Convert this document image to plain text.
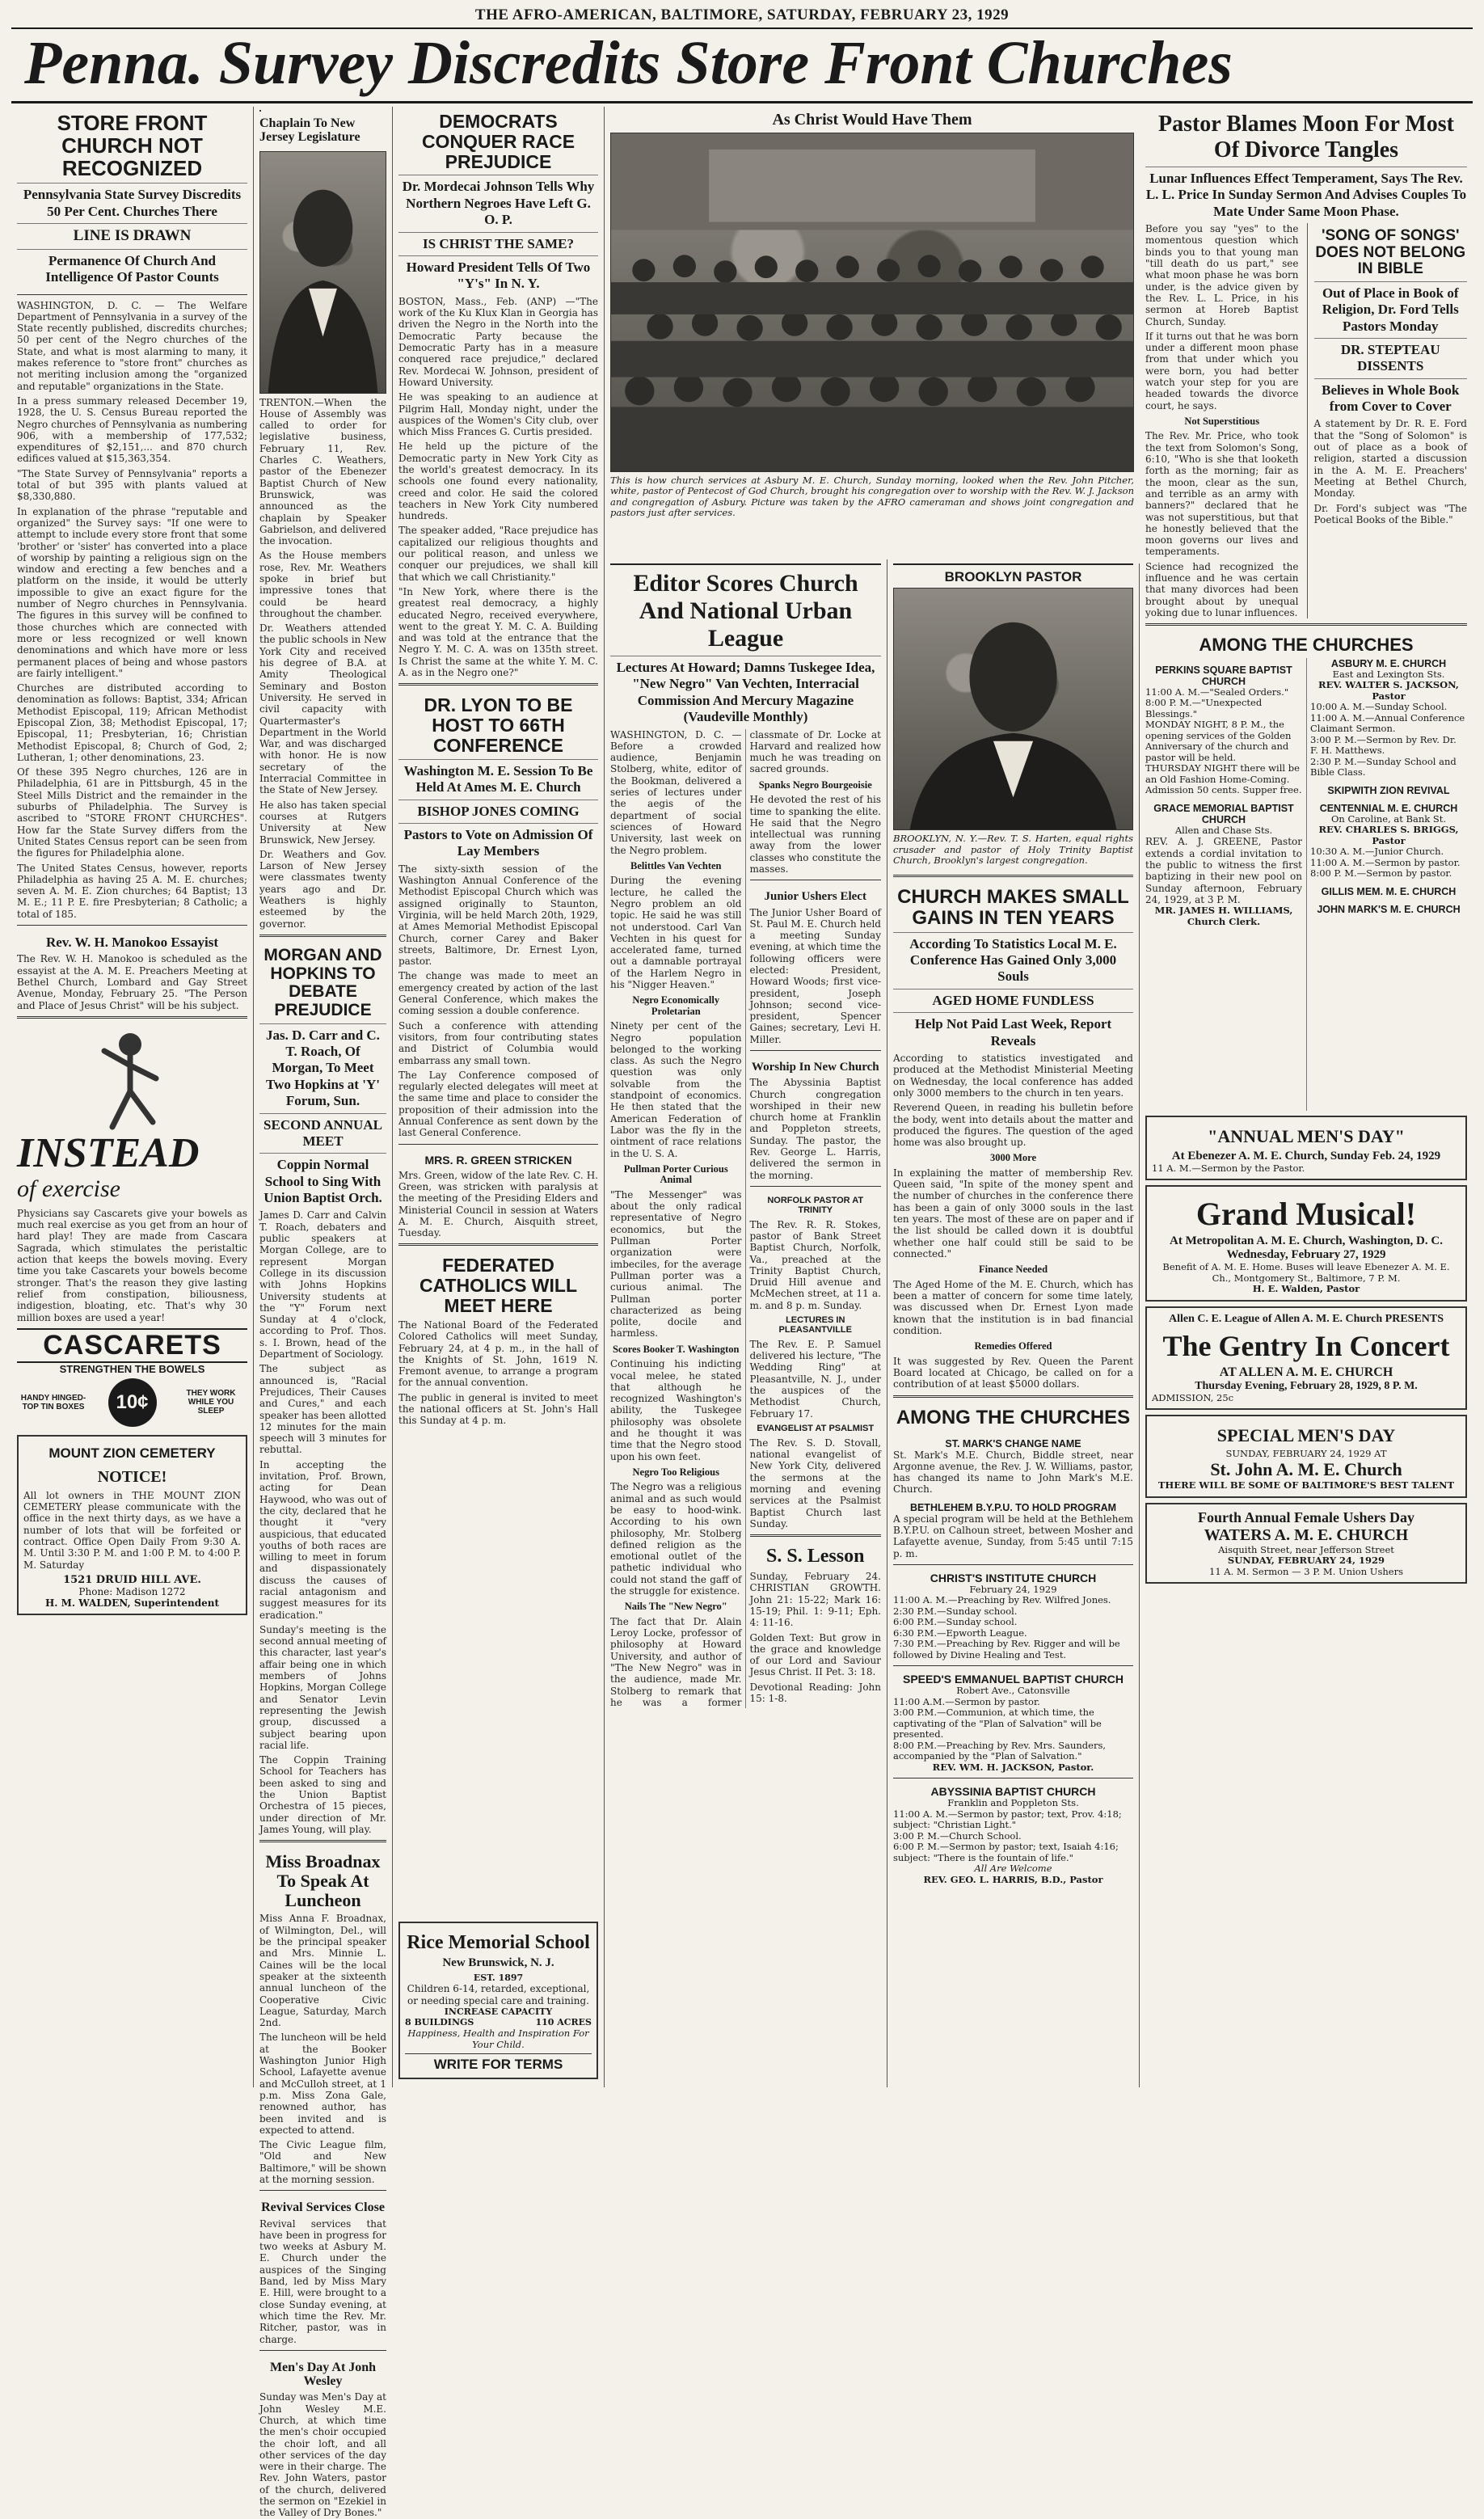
THE AFRO-AMERICAN, BALTIMORE, SATURDAY, FEBRUARY 23, 1929
Penna. Survey Discredits Store Front Churches
STORE FRONT CHURCH NOT RECOGNIZED
Pennsylvania State Survey Discredits 50 Per Cent. Churches There
LINE IS DRAWN
Permanence Of Church And Intelligence Of Pastor Counts

WASHINGTON, D. C. — The Welfare Department of Pennsylvania in a survey of the State recently published, discredits churches; 50 per cent of the Negro churches of the State, and what is most alarming to many, it makes reference to "store front" churches as not meriting inclusion among the "organized and reputable" organizations in the State.

In a press summary released December 19, 1928, the U. S. Census Bureau reported the Negro churches of Pennsylvania as numbering 906, with a membership of 177,532; expenditures of $2,151,... and 870 church edifices valued at $15,363,354.

"The State Survey of Pennsylvania" reports a total of but 395 with plants valued at $8,330,880.

In explanation of the phrase "reputable and organized" the Survey says: "If one were to attempt to include every store front that some 'brother' or 'sister' has converted into a place of worship by painting a religious sign on the window and erecting a few benches and a platform on the inside, it would be utterly impossible to give an exact figure for the number of Negro churches in Pennsylvania. The figures in this survey will be confined to those churches which are connected with more or less recognized or well known denominations and which have more or less permanent places of being and whose pastors are fairly intelligent."

Churches are distributed according to denomination as follows: Baptist, 334; African Methodist Episcopal, 119; African Methodist Episcopal Zion, 38; Methodist Episcopal, 17; Episcopal, 11; Presbyterian, 16; Christian Methodist Episcopal, 8; Church of God, 2; Lutheran, 1; other denominations, 23.

Of these 395 Negro churches, 126 are in Philadelphia, 61 are in Pittsburgh, 45 in the Steel Mills District and the remainder in the suburbs of Philadelphia. The Survey is ascribed to "STORE FRONT CHURCHES". How far the State Survey differs from the United States Census report can be seen from the figures for Philadelphia alone.

The United States Census, however, reports Philadelphia as having 25 A. M. E. churches; seven A. M. E. Zion churches; 64 Baptist; 13 M. E.; 11 P. E. fire Presbyterian; 8 Catholic; a total of 185.

Rev. W. H. Manokoo Essayist

The Rev. W. H. Manokoo is scheduled as the essayist at the A. M. E. Preachers Meeting at Bethel Church, Lombard and Gay Street Avenue, Monday, February 25. "The Person and Place of Jesus Christ" will be his subject.

INSTEAD
of exercise

Physicians say Cascarets give your bowels as much real exercise as you get from an hour of hard play! They are made from Cascara Sagrada, which stimulates the peristaltic action that keeps the bowels moving. Every time you take Cascarets your bowels become stronger. That's the reason they give lasting relief from constipation, biliousness, indigestion, bloating, etc. That's why 30 million boxes are used a year!

CASCARETS
STRENGTHEN THE BOWELS
HANDY HINGED-TOP TIN BOXES	10¢	THEY WORK WHILE YOU SLEEP
MOUNT ZION CEMETERY
NOTICE!

All lot owners in THE MOUNT ZION CEMETERY please communicate with the office in the next thirty days, as we have a number of lots that will be forfeited or contract. Office Open Daily From 9:30 A. M. Until 3:30 P. M. and 1:00 P. M. to 4:00 P. M. Saturday

1521 DRUID HILL AVE.
Phone: Madison 1272
H. M. WALDEN, Superintendent
Chaplain To New Jersey Legislature

TRENTON.—When the House of Assembly was called to order for legislative business, February 11, Rev. Charles C. Weathers, pastor of the Ebenezer Baptist Church of New Brunswick, was announced as the chaplain by Speaker Gabrielson, and delivered the invocation.

As the House members rose, Rev. Mr. Weathers spoke in brief but impressive tones that could be heard throughout the chamber.

Dr. Weathers attended the public schools in New York City and received his degree of B.A. at Amity Theological Seminary and Boston University. He served in civil capacity with Quartermaster's Department in the World War, and was discharged with honor. He is now secretary of the Interracial Committee in the State of New Jersey.

He also has taken special courses at Rutgers University at New Brunswick, New Jersey.

Dr. Weathers and Gov. Larson of New Jersey were classmates twenty years ago and Dr. Weathers is highly esteemed by the governor.

MORGAN AND HOPKINS TO DEBATE PREJUDICE
Jas. D. Carr and C. T. Roach, Of Morgan, To Meet Two Hopkins at 'Y' Forum, Sun.
SECOND ANNUAL MEET
Coppin Normal School to Sing With Union Baptist Orch.

James D. Carr and Calvin T. Roach, debaters and public speakers at Morgan College, are to represent Morgan College in its discussion with Johns Hopkins University students at the "Y" Forum next Sunday at 4 o'clock, according to Prof. Thos. s. I. Brown, head of the Department of Sociology.

The subject as announced is, "Racial Prejudices, Their Causes and Cures," and each speaker has been allotted 12 minutes for the main speech will 3 minutes for rebuttal.

In accepting the invitation, Prof. Brown, acting for Dean Haywood, who was out of the city, declared that he thought it "very auspicious, that educated youths of both races are willing to meet in forum and dispassionately discuss the causes of racial antagonism and suggest measures for its eradication."

Sunday's meeting is the second annual meeting of this character, last year's affair being one in which members of Johns Hopkins, Morgan College and Senator Levin representing the Jewish group, discussed a subject bearing upon racial life.

The Coppin Training School for Teachers has been asked to sing and the Union Baptist Orchestra of 15 pieces, under direction of Mr. James Young, will play.

Miss Broadnax To Speak At Luncheon

Miss Anna F. Broadnax, of Wilmington, Del., will be the principal speaker and Mrs. Minnie L. Caines will be the local speaker at the sixteenth annual luncheon of the Cooperative Civic League, Saturday, March 2nd.

The luncheon will be held at the Booker Washington Junior High School, Lafayette avenue and McCulloh street, at 1 p.m. Miss Zona Gale, renowned author, has been invited and is expected to attend.

The Civic League film, "Old and New Baltimore," will be shown at the morning session.

Revival Services Close

Revival services that have been in progress for two weeks at Asbury M. E. Church under the auspices of the Singing Band, led by Miss Mary E. Hill, were brought to a close Sunday evening, at which time the Rev. Mr. Ritcher, pastor, was in charge.

Men's Day At Jonh Wesley

Sunday was Men's Day at John Wesley M.E. Church, at which time the men's choir occupied the choir loft, and all other services of the day were in their charge. The Rev. John Waters, pastor of the church, delivered the sermon on "Ezekiel in the Valley of Dry Bones."

DEMOCRATS CONQUER RACE PREJUDICE
Dr. Mordecai Johnson Tells Why Northern Negroes Have Left G. O. P.
IS CHRIST THE SAME?
Howard President Tells Of Two "Y's" In N. Y.

BOSTON, Mass., Feb. (ANP) —"The work of the Ku Klux Klan in Georgia has driven the Negro in the North into the Democratic Party because the Democratic Party has in a measure conquered race prejudice," declared Rev. Mordecai W. Johnson, president of Howard University.

He was speaking to an audience at Pilgrim Hall, Monday night, under the auspices of the Women's City club, over which Miss Frances G. Curtis presided.

He held up the picture of the Democratic party in New York City as the world's greatest democracy. In its schools one found every nationality, creed and color. He said the colored teachers in New York City numbered hundreds.

The speaker added, "Race prejudice has capitalized our religious thoughts and our political reason, and unless we conquer our prejudices, we shall kill that which we call Christianity."

"In New York, where there is the greatest real democracy, a highly educated Negro, received everywhere, went to the great Y. M. C. A. Building and was told at the entrance that the Negro Y. M. C. A. was on 135th street. Is Christ the same at the white Y. M. C. A. as in the Negro one?"

DR. LYON TO BE HOST TO 66TH CONFERENCE
Washington M. E. Session To Be Held At Ames M. E. Church
BISHOP JONES COMING
Pastors to Vote on Admission Of Lay Members

The sixty-sixth session of the Washington Annual Conference of the Methodist Episcopal Church which was assigned originally to Staunton, Virginia, will be held March 20th, 1929, at Ames Memorial Methodist Episcopal Church, corner Carey and Baker streets, Baltimore, Dr. Ernest Lyon, pastor.

The change was made to meet an emergency created by action of the last General Conference, which makes the coming session a double conference.

Such a conference with attending visitors, from four contributing states and District of Columbia would embarrass any small town.

The Lay Conference composed of regularly elected delegates will meet at the same time and place to consider the proposition of their admission into the Annual Conference as sent down by the last General Conference.

MRS. R. GREEN STRICKEN

Mrs. Green, widow of the late Rev. C. H. Green, was stricken with paralysis at the meeting of the Presiding Elders and Ministerial Council in session at Waters A. M. E. Church, Aisquith street, Tuesday.

FEDERATED CATHOLICS WILL MEET HERE

The National Board of the Federated Colored Catholics will meet Sunday, February 24, at 4 p. m., in the hall of the Knights of St. John, 1619 N. Fremont avenue, to arrange a program for the annual convention.

The public in general is invited to meet the national officers at St. John's Hall this Sunday at 4 p. m.

Rice Memorial School
New Brunswick, N. J.
EST. 1897

Children 6-14, retarded, exceptional, or needing special care and training.

INCREASE CAPACITY
8 BUILDINGS	110 ACRES
Happiness, Health and Inspiration For Your Child.
WRITE FOR TERMS
As Christ Would Have Them

This is how church services at Asbury M. E. Church, Sunday morning, looked when the Rev. John Pitcher, white, pastor of Pentecost of God Church, brought his congregation over to worship with the Rev. W. J. Jackson and congregation of Asbury. Picture was taken by the AFRO cameraman and shows joint congregation and pastors just after services.

Editor Scores Church And National Urban League
Lectures At Howard; Damns Tuskegee Idea, "New Negro" Van Vechten, Interracial Commission And Mercury Magazine (Vaudeville Monthly)

WASHINGTON, D. C. — Before a crowded audience, Benjamin Stolberg, white, editor of the Bookman, delivered a series of lectures under the aegis of the department of social sciences of Howard University, last week on the Negro problem.

Belittles Van Vechten

During the evening lecture, he called the Negro problem an old topic. He said he was still not understood. Carl Van Vechten in his quest for accelerated fame, turned out a damnable portrayal of the Harlem Negro in his "Nigger Heaven."

Negro Economically Proletarian

Ninety per cent of the Negro population belonged to the working class. As such the Negro question was only solvable from the standpoint of economics. He then stated that the American Federation of Labor was the fly in the ointment of race relations in the U. S. A.

Pullman Porter Curious Animal

"The Messenger" was about the only radical representative of Negro economics, but the Pullman Porter organization were imbeciles, for the average Pullman porter was a curious animal. The Pullman porter characterized as being polite, docile and harmless.

Scores Booker T. Washington

Continuing his indicting vocal melee, he stated that although he recognized Washington's ability, the Tuskegee philosophy was obsolete and he thought it was time that the Negro stood upon his own feet.

Negro Too Religious

The Negro was a religious animal and as such would be easy to hood-wink. According to his own philosophy, Mr. Stolberg defined religion as the emotional outlet of the pathetic individual who could not stand the gaff of the struggle for existence.

Nails The "New Negro"

The fact that Dr. Alain Leroy Locke, professor of philosophy at Howard University, and author of "The New Negro" was in the audience, made Mr. Stolberg to remark that he was a former classmate of Dr. Locke at Harvard and realized how much he was treading on sacred grounds.

Spanks Negro Bourgeoisie

He devoted the rest of his time to spanking the elite. He said that the Negro intellectual was running away from the lower classes who constitute the masses.

Junior Ushers Elect

The Junior Usher Board of St. Paul M. E. Church held a meeting Sunday evening, at which time the following officers were elected: President, Howard Woods; first vice-president, Joseph Johnson; second vice-president, Spencer Gaines; secretary, Levi H. Miller.

Worship In New Church

The Abyssinia Baptist Church congregation worshiped in their new church home at Franklin and Poppleton streets, Sunday. The pastor, the Rev. George L. Harris, delivered the sermon in the morning.

NORFOLK PASTOR AT TRINITY

The Rev. R. R. Stokes, pastor of Bank Street Baptist Church, Norfolk, Va., preached at the Trinity Baptist Church, Druid Hill avenue and McMechen street, at 11 a. m. and 8 p. m. Sunday.

LECTURES IN PLEASANTVILLE

The Rev. E. P. Samuel delivered his lecture, "The Wedding Ring" at Pleasantville, N. J., under the auspices of the Methodist Church, February 17.

EVANGELIST AT PSALMIST

The Rev. S. D. Stovall, national evangelist of New York City, delivered the sermons at the morning and evening services at the Psalmist Baptist Church last Sunday.

S. S. Lesson

Sunday, February 24. CHRISTIAN GROWTH. John 21: 15-22; Mark 16: 15-19; Phil. 1: 9-11; Eph. 4: 11-16.

Golden Text: But grow in the grace and knowledge of our Lord and Saviour Jesus Christ. II Pet. 3: 18.

Devotional Reading: John 15: 1-8.

BROOKLYN PASTOR

BROOKLYN, N. Y.—Rev. T. S. Harten, equal rights crusader and pastor of Holy Trinity Baptist Church, Brooklyn's largest congregation.

CHURCH MAKES SMALL GAINS IN TEN YEARS
According To Statistics Local M. E. Conference Has Gained Only 3,000 Souls
AGED HOME FUNDLESS
Help Not Paid Last Week, Report Reveals

According to statistics investigated and produced at the Methodist Ministerial Meeting on Wednesday, the local conference has added only 3000 members to the church in ten years.

Reverend Queen, in reading his bulletin before the body, went into details about the matter and produced the figures. The question of the aged home was also brought up.

3000 More

In explaining the matter of membership Rev. Queen said, "In spite of the money spent and the number of churches in the conference there has been a gain of only 3000 souls in the last ten years. The most of these are on paper and if the list should be called down it is doubtful whether one half could still be said to be connected."

Finance Needed

The Aged Home of the M. E. Church, which has been a matter of concern for some time lately, was discussed when Dr. Ernest Lyon made known that the institution is in bad financial condition.

Remedies Offered

It was suggested by Rev. Queen the Parent Board located at Chicago, be called on for a contribution of at least $5000 dollars.

AMONG THE CHURCHES
ST. MARK'S CHANGE NAME

St. Mark's M.E. Church, Biddle street, near Argonne avenue, the Rev. J. W. Williams, pastor, has changed its name to John Mark's M.E. Church.

BETHLEHEM B.Y.P.U. TO HOLD PROGRAM

A special program will be held at the Bethlehem B.Y.P.U. on Calhoun street, between Mosher and Lafayette avenue, Sunday, from 5:45 until 7:15 p. m.

CHRIST'S INSTITUTE CHURCH
February 24, 1929
11:00 A. M.—Preaching by Rev. Wilfred Jones.
2:30 P.M.—Sunday school.
6:00 P.M.—Sunday school.
6:30 P.M.—Epworth League.
7:30 P.M.—Preaching by Rev. Rigger and will be followed by Divine Healing and Test.
SPEED'S EMMANUEL BAPTIST CHURCH
Robert Ave., Catonsville
11:00 A.M.—Sermon by pastor.
3:00 P.M.—Communion, at which time, the captivating of the "Plan of Salvation" will be presented.
8:00 P.M.—Preaching by Rev. Mrs. Saunders, accompanied by the "Plan of Salvation."
REV. WM. H. JACKSON, Pastor.
ABYSSINIA BAPTIST CHURCH
Franklin and Poppleton Sts.
11:00 A. M.—Sermon by pastor; text, Prov. 4:18; subject: "Christian Light."
3:00 P. M.—Church School.
6:00 P. M.—Sermon by pastor; text, Isaiah 4:16; subject: "There is the fountain of life."
All Are Welcome
REV. GEO. L. HARRIS, B.D., Pastor
Pastor Blames Moon For Most Of Divorce Tangles
Lunar Influences Effect Temperament, Says The Rev. L. L. Price In Sunday Sermon And Advises Couples To Mate Under Same Moon Phase.

Before you say "yes" to the momentous question which binds you to that young man "till death do us part," see what moon phase he was born under, is the advice given by the Rev. L. L. Price, in his sermon at Horeb Baptist Church, Sunday.

If it turns out that he was born under a different moon phase from that under which you were born, you had better watch your step for you are headed towards the divorce court, he says.

Not Superstitious

The Rev. Mr. Price, who took the text from Solomon's Song, 6:10, "Who is she that looketh forth as the morning; fair as the moon, clear as the sun, and terrible as an army with banners?" declared that he was not superstitious, but that he honestly believed that the moon governs our lives and temperaments.

Science had recognized the influence and he was certain that many divorces had been brought about by unequal yoking due to lunar influences.

'SONG OF SONGS' DOES NOT BELONG IN BIBLE
Out of Place in Book of Religion, Dr. Ford Tells Pastors Monday
DR. STEPTEAU DISSENTS
Believes in Whole Book from Cover to Cover

A statement by Dr. R. E. Ford that the "Song of Solomon" is out of place as a book of religion, started a discussion in the A. M. E. Preachers' Meeting at Bethel Church, Monday.

Dr. Ford's subject was "The Poetical Books of the Bible."

AMONG THE CHURCHES
PERKINS SQUARE BAPTIST CHURCH
11:00 A. M.—"Sealed Orders."
8:00 P. M.—"Unexpected Blessings."
MONDAY NIGHT, 8 P. M., the opening services of the Golden Anniversary of the church and pastor will be held.
THURSDAY NIGHT there will be an Old Fashion Home-Coming. Admission 50 cents. Supper free.
GRACE MEMORIAL BAPTIST CHURCH
Allen and Chase Sts.

REV. A. J. GREENE, Pastor extends a cordial invitation to the public to witness the first baptizing in their new pool on Sunday afternoon, February 24, 1929, at 3 P. M.

MR. JAMES H. WILLIAMS, Church Clerk.
ASBURY M. E. CHURCH
East and Lexington Sts.
REV. WALTER S. JACKSON, Pastor
10:00 A. M.—Sunday School.
11:00 A. M.—Annual Conference Claimant Sermon.
3:00 P. M.—Sermon by Rev. Dr. F. H. Matthews.
2:30 P. M.—Sunday School and Bible Class.
SKIPWITH ZION REVIVAL
CENTENNIAL M. E. CHURCH
On Caroline, at Bank St.
REV. CHARLES S. BRIGGS, Pastor
10:30 A. M.—Junior Church.
11:00 A. M.—Sermon by pastor.
8:00 P. M.—Sermon by pastor.
GILLIS MEM. M. E. CHURCH
JOHN MARK'S M. E. CHURCH
"ANNUAL MEN'S DAY"
At Ebenezer A. M. E. Church, Sunday Feb. 24, 1929
11 A. M.—Sermon by the Pastor.
Grand Musical!
At Metropolitan A. M. E. Church, Washington, D. C. Wednesday, February 27, 1929
Benefit of A. M. E. Home. Buses will leave Ebenezer A. M. E. Ch., Montgomery St., Baltimore, 7 P. M.
H. E. Walden, Pastor
Allen C. E. League of Allen A. M. E. Church PRESENTS
The Gentry In Concert
AT ALLEN A. M. E. CHURCH
Thursday Evening, February 28, 1929, 8 P. M.
ADMISSION, 25c
SPECIAL MEN'S DAY
SUNDAY, FEBRUARY 24, 1929 AT
St. John A. M. E. Church
THERE WILL BE SOME OF BALTIMORE'S BEST TALENT
Fourth Annual Female Ushers Day
WATERS A. M. E. CHURCH
Aisquith Street, near Jefferson Street
SUNDAY, FEBRUARY 24, 1929
11 A. M. Sermon — 3 P. M. Union Ushers
